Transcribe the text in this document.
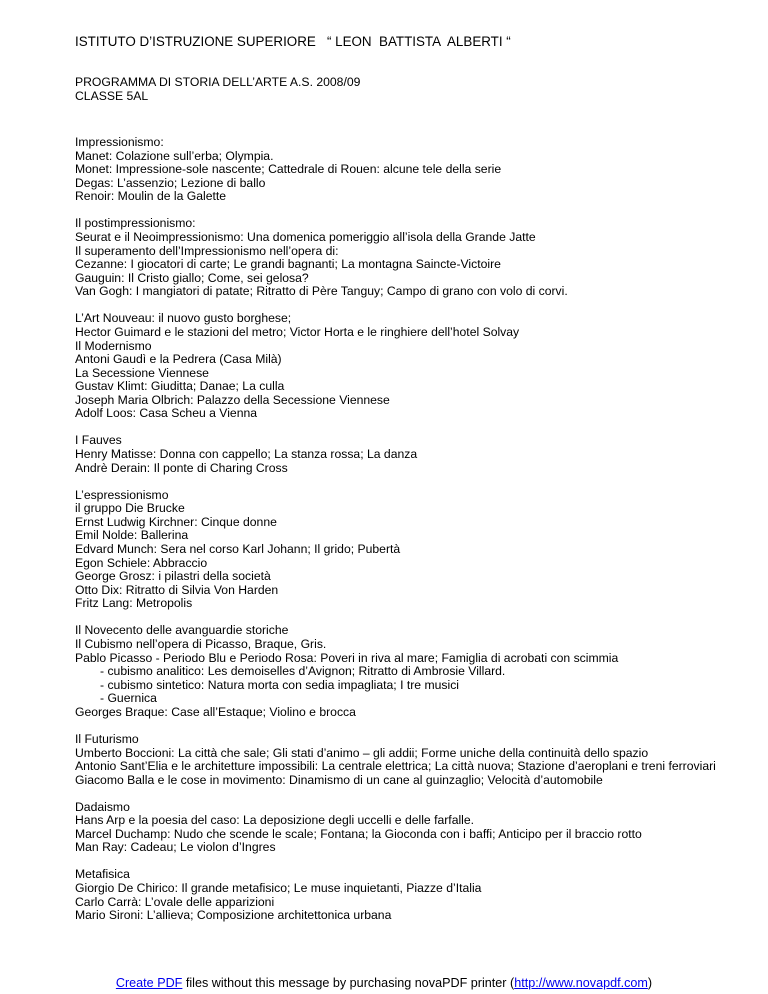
ISTITUTO D’ISTRUZIONE SUPERIORE   “ LEON  BATTISTA  ALBERTI “
PROGRAMMA DI STORIA DELL’ARTE A.S. 2008/09
CLASSE 5AL
Impressionismo:
Manet: Colazione sull’erba; Olympia.
Monet: Impressione-sole nascente; Cattedrale di Rouen: alcune tele della serie
Degas: L’assenzio; Lezione di ballo
Renoir: Moulin de la Galette
Il postimpressionismo:
Seurat e il Neoimpressionismo: Una domenica pomeriggio all’isola della Grande Jatte
Il superamento dell’Impressionismo nell’opera di:
Cezanne: I giocatori di carte; Le grandi bagnanti; La montagna Saincte-Victoire
Gauguin: Il Cristo giallo; Come, sei gelosa?
Van Gogh: I mangiatori di patate; Ritratto di Père Tanguy; Campo di grano con volo di corvi.
L’Art Nouveau: il nuovo gusto borghese;
Hector Guimard e le stazioni del metro; Victor Horta e le ringhiere dell’hotel Solvay
Il Modernismo
Antoni Gaudì e la Pedrera (Casa Milà)
La Secessione Viennese
Gustav Klimt: Giuditta; Danae; La culla
Joseph Maria Olbrich: Palazzo della Secessione Viennese
Adolf Loos: Casa Scheu a Vienna
I Fauves
Henry Matisse: Donna con cappello; La stanza rossa; La danza
Andrè Derain: Il ponte di Charing Cross
L’espressionismo
il gruppo Die Brucke
Ernst Ludwig Kirchner: Cinque donne
Emil Nolde: Ballerina
Edvard Munch: Sera nel corso Karl Johann; Il grido; Pubertà
Egon Schiele: Abbraccio
George Grosz: i pilastri della società
Otto Dix: Ritratto di Silvia Von Harden
Fritz Lang: Metropolis
Il Novecento delle avanguardie storiche
Il Cubismo nell’opera di Picasso, Braque, Gris.
Pablo Picasso - Periodo Blu e Periodo Rosa: Poveri in riva al mare; Famiglia di acrobati con scimmia
- cubismo analitico: Les demoiselles d’Avignon; Ritratto di Ambrosie Villard.
- cubismo sintetico: Natura morta con sedia impagliata; I tre musici
- Guernica
Georges Braque: Case all’Estaque; Violino e brocca
Il Futurismo
Umberto Boccioni: La città che sale; Gli stati d’animo – gli addii; Forme uniche della continuità dello spazio
Antonio Sant’Elia e le architetture impossibili: La centrale elettrica; La città nuova; Stazione d’aeroplani e treni ferroviari
Giacomo Balla e le cose in movimento: Dinamismo di un cane al guinzaglio; Velocità d’automobile
Dadaismo
Hans Arp e la poesia del caso: La deposizione degli uccelli e delle farfalle.
Marcel Duchamp: Nudo che scende le scale; Fontana; la Gioconda con i baffi; Anticipo per il braccio rotto
Man Ray: Cadeau; Le violon d’Ingres
Metafisica
Giorgio De Chirico: Il grande metafisico; Le muse inquietanti, Piazze d’Italia
Carlo Carrà: L’ovale delle apparizioni
Mario Sironi: L’allieva; Composizione architettonica urbana
Create PDF files without this message by purchasing novaPDF printer (http://www.novapdf.com)
